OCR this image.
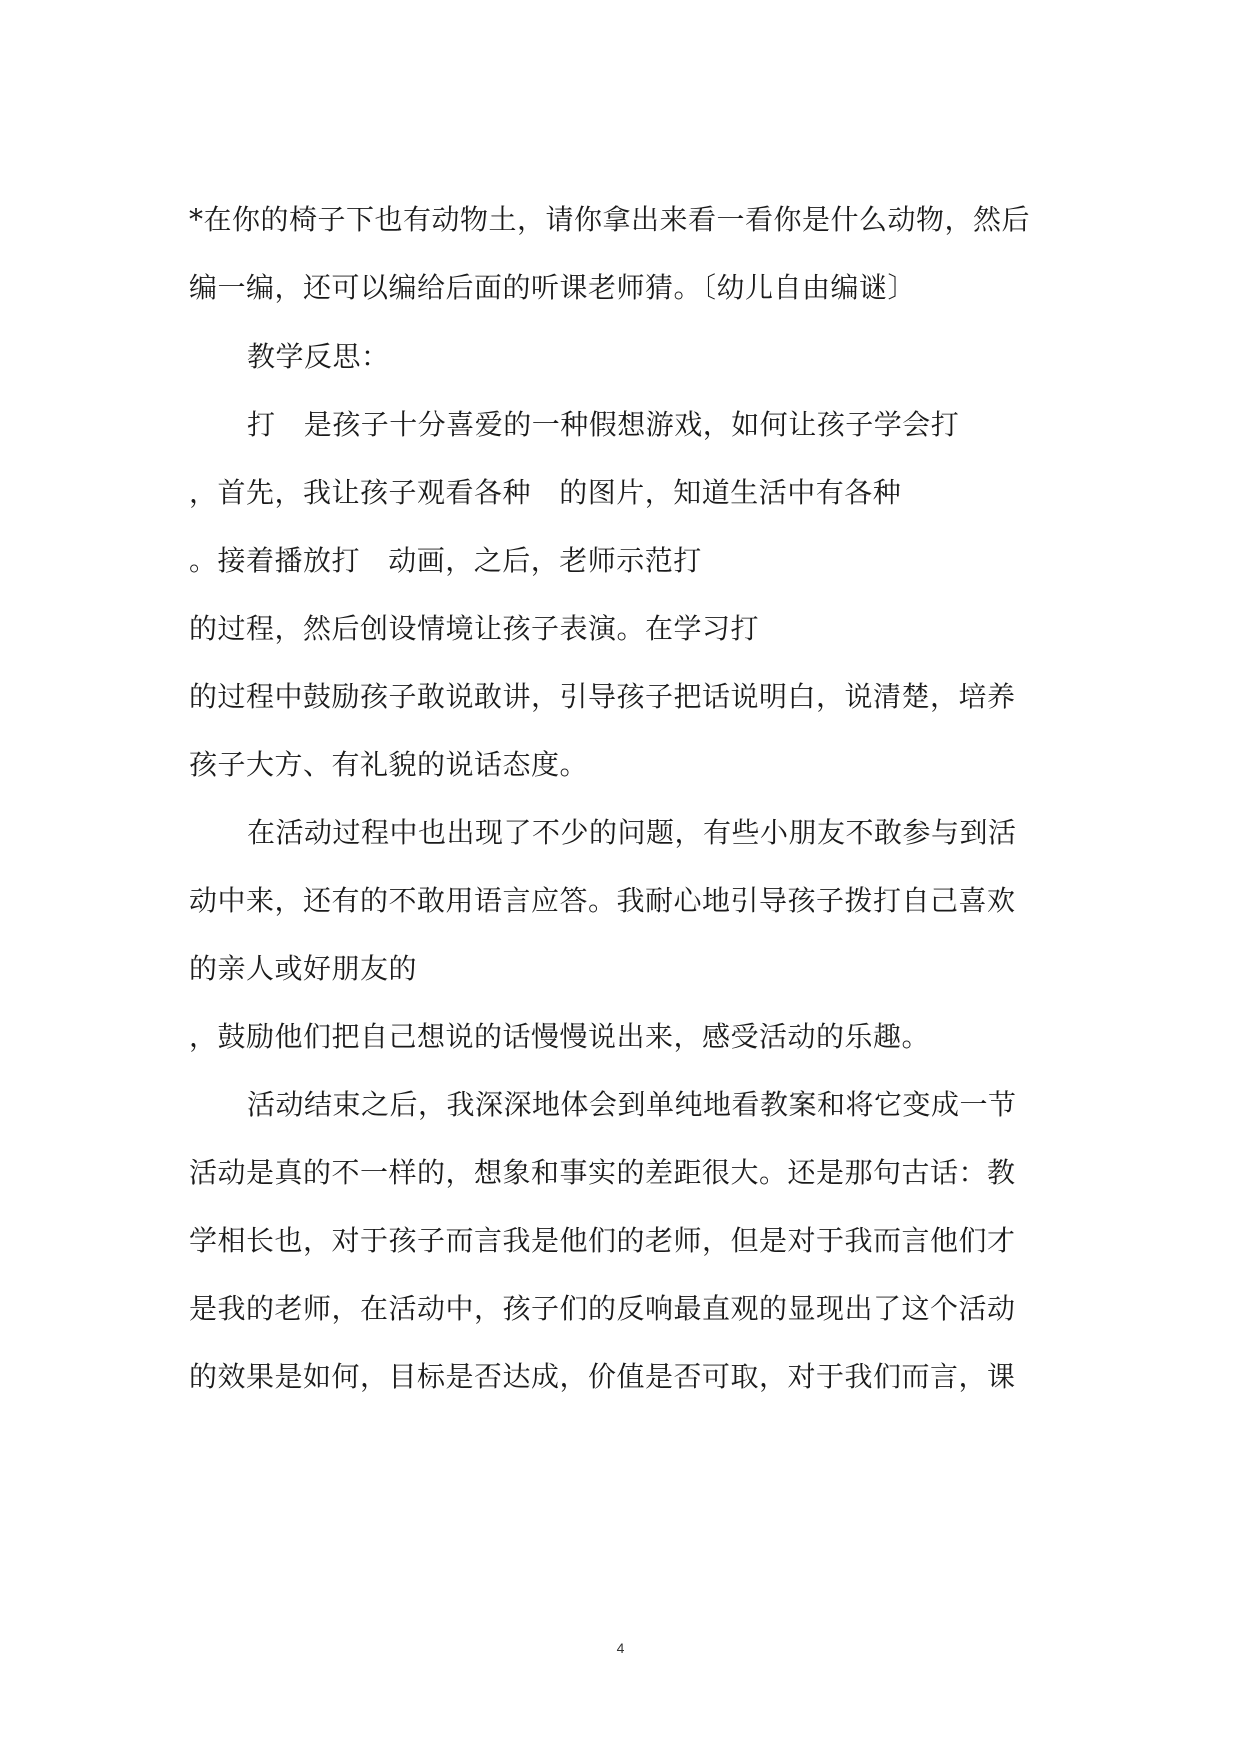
*在你的椅子下也有动物土，请你拿出来看一看你是什么动物，然后
编一编，还可以编给后面的听课老师猜。〔幼儿自由编谜〕
教学反思：
打   是孩子十分喜爱的一种假想游戏，如何让孩子学会打
，首先，我让孩子观看各种   的图片，知道生活中有各种
。接着播放打   动画，之后，老师示范打
的过程，然后创设情境让孩子表演。在学习打
的过程中鼓励孩子敢说敢讲，引导孩子把话说明白，说清楚，培养
孩子大方、有礼貌的说话态度。
在活动过程中也出现了不少的问题，有些小朋友不敢参与到活
动中来，还有的不敢用语言应答。我耐心地引导孩子拨打自己喜欢
的亲人或好朋友的
，鼓励他们把自己想说的话慢慢说出来，感受活动的乐趣。
活动结束之后，我深深地体会到单纯地看教案和将它变成一节
活动是真的不一样的，想象和事实的差距很大。还是那句古话：教
学相长也，对于孩子而言我是他们的老师，但是对于我而言他们才
是我的老师，在活动中，孩子们的反响最直观的显现出了这个活动
的效果是如何，目标是否达成，价值是否可取，对于我们而言，课
4
